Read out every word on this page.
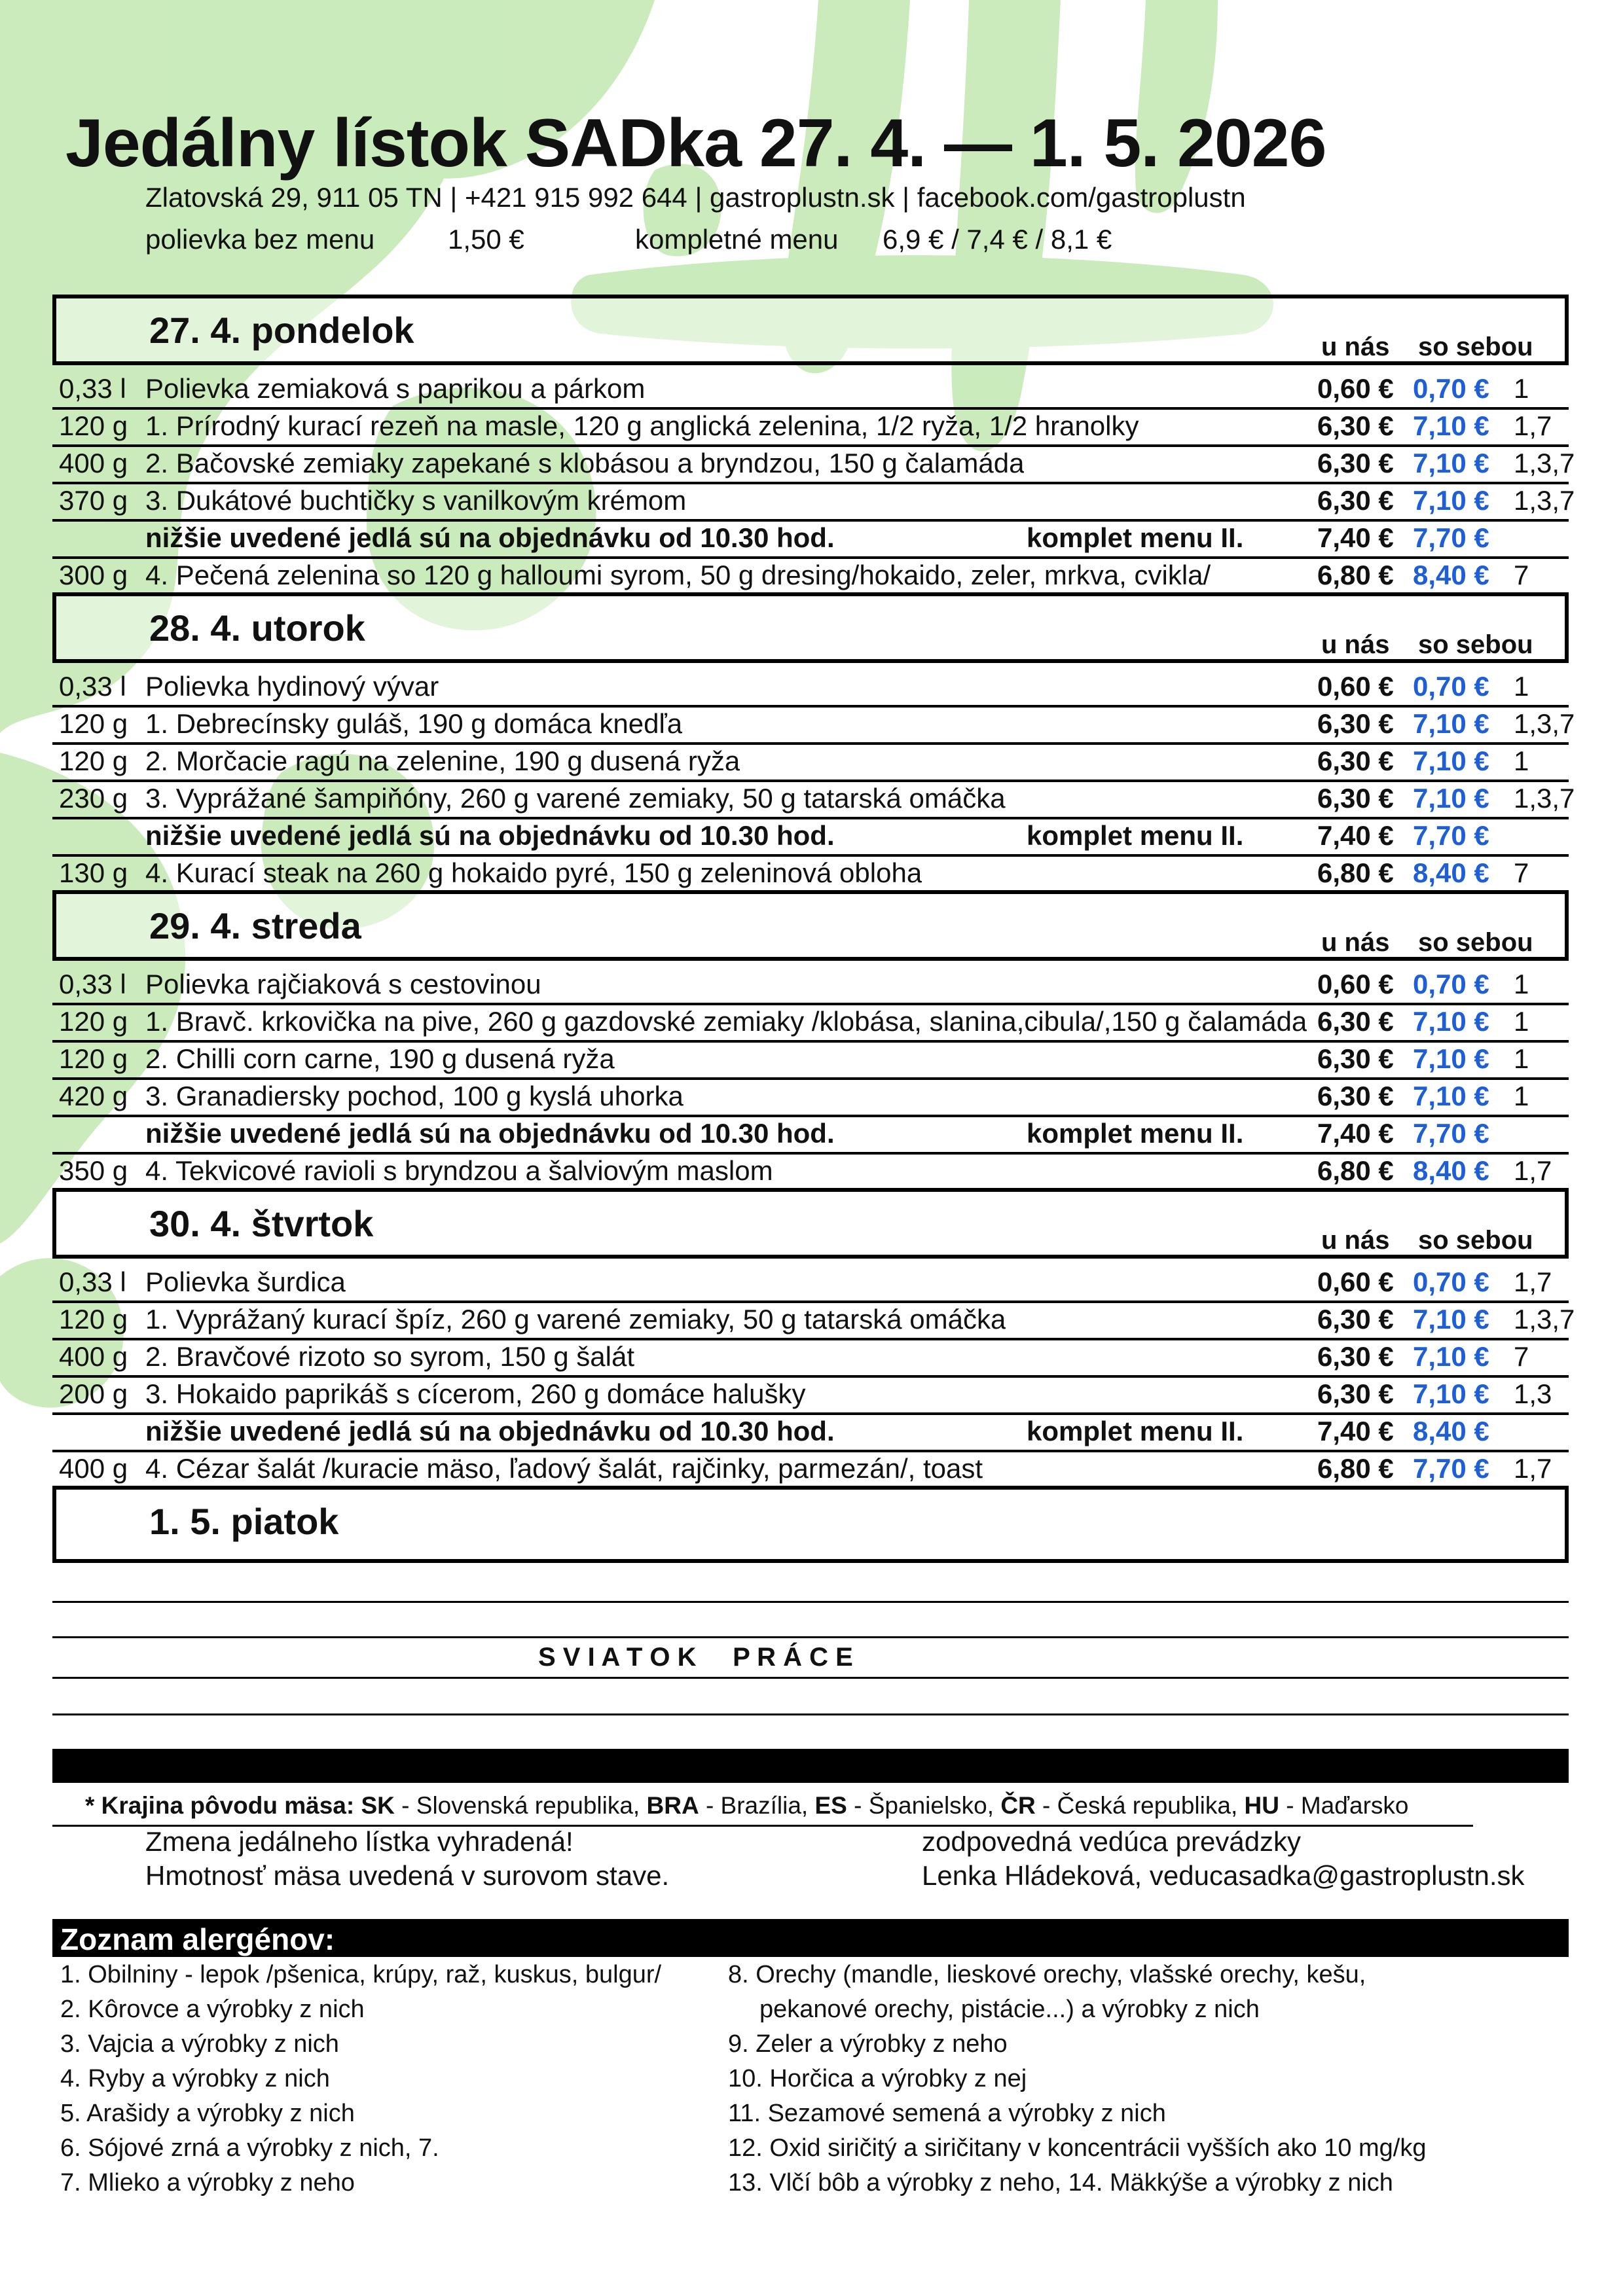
Jedálny lístok SADka 27. 4. — 1. 5. 2026
Zlatovská 29, 911 05 TN | +421 915 992 644 | gastroplustn.sk | facebook.com/gastroplustn
polievka bez menu	1,50 €	kompletné menu 6,9 € / 7,4 € / 8,1 €
27. 4. pondelok	u nás so sebou
0,33 l Polievka zemiaková s paprikou a párkom	0,60 € 0,70 € 1
120 g 1. Prírodný kurací rezeň na masle, 120 g anglická zelenina, 1/2 ryža, 1/2 hranolky	6,30 € 7,10 € 1,7
400 g 2. Bačovské zemiaky zapekané s klobásou a bryndzou, 150 g čalamáda	6,30 € 7,10 € 1,3,7
370 g 3. Dukátové buchtičky s vanilkovým krémom	6,30 € 7,10 € 1,3,7
nižšie uvedené jedlá sú na objednávku od 10.30 hod.	komplet menu II.	7,40 € 7,70 €
300 g 4. Pečená zelenina so 120 g halloumi syrom, 50 g dresing/hokaido, zeler, mrkva, cvikla/	6,80 € 8,40 € 7
28. 4. utorok	u nás so sebou
0,33 l Polievka hydinový vývar	0,60 € 0,70 € 1
120 g 1. Debrecínsky guláš, 190 g domáca knedľa	6,30 € 7,10 € 1,3,7
120 g 2. Morčacie ragú na zelenine, 190 g dusená ryža	6,30 € 7,10 € 1
230 g 3. Vyprážané šampiňóny, 260 g varené zemiaky, 50 g tatarská omáčka	6,30 € 7,10 € 1,3,7
nižšie uvedené jedlá sú na objednávku od 10.30 hod.	komplet menu II.	7,40 € 7,70 €
130 g 4. Kurací steak na 260 g hokaido pyré, 150 g zeleninová obloha	6,80 € 8,40 € 7
29. 4. streda	u nás so sebou
0,33 l Polievka rajčiaková s cestovinou	0,60 € 0,70 € 1
120 g 1. Bravč. krkovička na pive, 260 g gazdovské zemiaky /klobása, slanina,cibula/,150 g čalamáda 6,30 € 7,10 € 1
120 g 2. Chilli corn carne, 190 g dusená ryža	6,30 € 7,10 € 1
420 g 3. Granadiersky pochod, 100 g kyslá uhorka	6,30 € 7,10 € 1
nižšie uvedené jedlá sú na objednávku od 10.30 hod.	komplet menu II.	7,40 € 7,70 €
350 g 4. Tekvicové ravioli s bryndzou a šalviovým maslom	6,80 € 8,40 € 1,7
30. 4. štvrtok	u nás so sebou
0,33 l Polievka šurdica	0,60 € 0,70 € 1,7
120 g 1. Vyprážaný kurací špíz, 260 g varené zemiaky, 50 g tatarská omáčka	6,30 € 7,10 € 1,3,7
400 g 2. Bravčové rizoto so syrom, 150 g šalát	6,30 € 7,10 € 7
200 g 3. Hokaido paprikáš s cícerom, 260 g domáce halušky	6,30 € 7,10 € 1,3
nižšie uvedené jedlá sú na objednávku od 10.30 hod.	komplet menu II.	7,40 € 8,40 €
400 g 4. Cézar šalát /kuracie mäso, ľadový šalát, rajčinky, parmezán/, toast	6,80 € 7,70 € 1,7
1. 5. piatok
S V I A T O K     P R Á C E
* Krajina pôvodu mäsa: SK - Slovenská republika, BRA - Brazília, ES - Španielsko, ČR - Česká republika, HU - Maďarsko
Zmena jedálneho lístka vyhradená!
Hmotnosť mäsa uvedená v surovom stave.
zodpovedná vedúca prevádzky
Lenka Hládeková, veducasadka@gastroplustn.sk
Zoznam alergénov:
1. Obilniny - lepok /pšenica, krúpy, raž, kuskus, bulgur/
2. Kôrovce a výrobky z nich
3. Vajcia a výrobky z nich
4. Ryby a výrobky z nich
5. Arašidy a výrobky z nich
6. Sójové zrná a výrobky z nich, 7.
7. Mlieko a výrobky z neho
8. Orechy (mandle, lieskové orechy, vlašské orechy, kešu,
pekanové orechy, pistácie...) a výrobky z nich
9. Zeler a výrobky z neho
10. Horčica a výrobky z nej
11. Sezamové semená a výrobky z nich
12. Oxid siričitý a siričitany v koncentrácii vyšších ako 10 mg/kg
13. Vlčí bôb a výrobky z neho, 14. Mäkkýše a výrobky z nich
